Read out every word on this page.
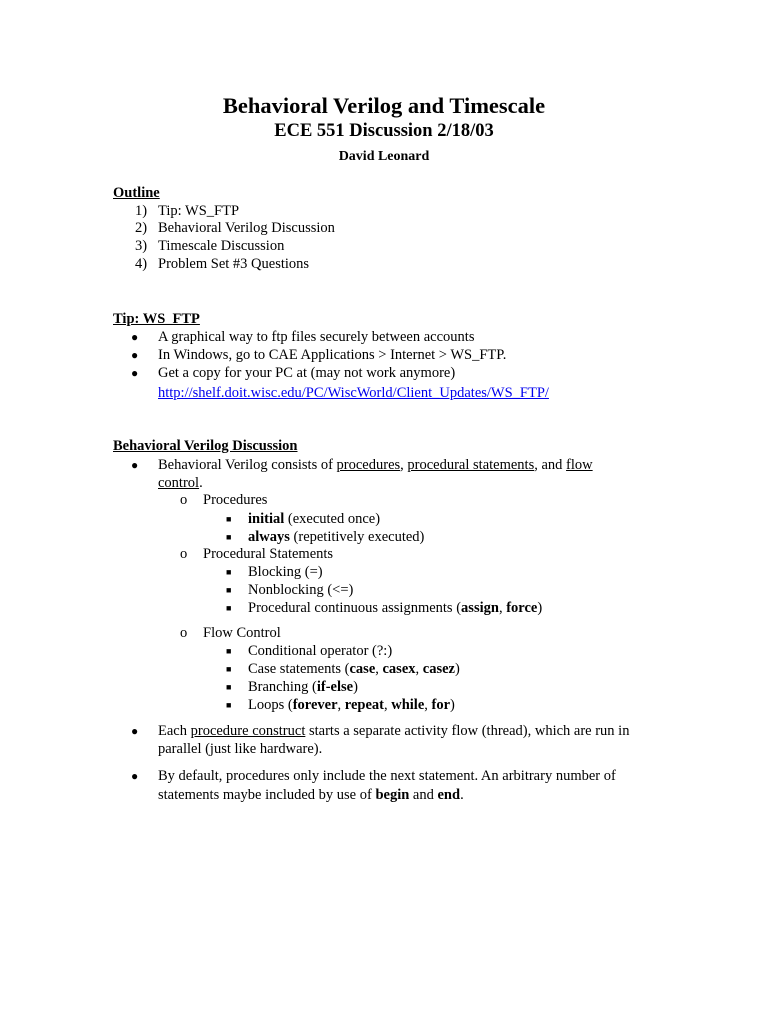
Behavioral Verilog and Timescale
ECE 551 Discussion 2/18/03
David Leonard
Outline
1) Tip: WS_FTP
2) Behavioral Verilog Discussion
3) Timescale Discussion
4) Problem Set #3 Questions
Tip: WS_FTP
● A graphical way to ftp files securely between accounts
● In Windows, go to CAE Applications > Internet > WS_FTP.
● Get a copy for your PC at (may not work anymore)
http://shelf.doit.wisc.edu/PC/WiscWorld/Client_Updates/WS_FTP/
Behavioral Verilog Discussion
● Behavioral Verilog consists of procedures, procedural statements, and flow
control.
o Procedures
■ initial (executed once)
■ always (repetitively executed)
o Procedural Statements
■ Blocking (=)
■ Nonblocking (<=)
■ Procedural continuous assignments (assign, force)
o Flow Control
■ Conditional operator (?:)
■ Case statements (case, casex, casez)
■ Branching (if-else)
■ Loops (forever, repeat, while, for)
● Each procedure construct starts a separate activity flow (thread), which are run in
parallel (just like hardware).
● By default, procedures only include the next statement. An arbitrary number of
statements maybe included by use of begin and end.
